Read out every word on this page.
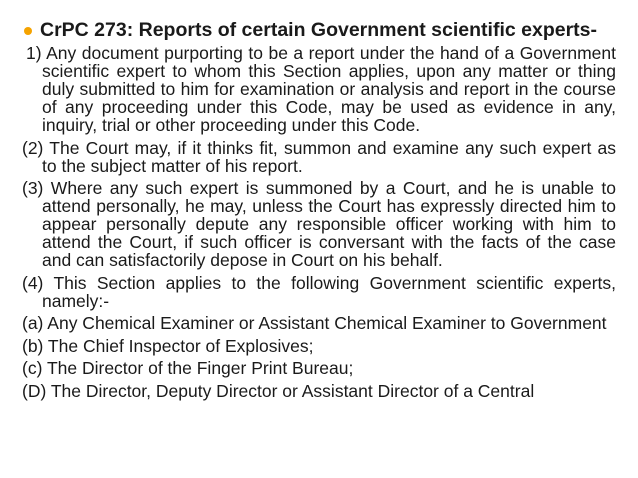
CrPC 273: Reports of certain Government scientific experts-

1) Any document purporting to be a report under the hand of a Government scientific expert to whom this Section applies, upon any matter or thing duly submitted to him for examination or analysis and report in the course of any proceeding under this Code, may be used as evidence in any, inquiry, trial or other proceeding under this Code.

(2) The Court may, if it thinks fit, summon and examine any such expert as to the subject matter of his report.

(3) Where any such expert is summoned by a Court, and he is unable to attend personally, he may, unless the Court has expressly directed him to appear personally depute any responsible officer working with him to attend the Court, if such officer is conversant with the facts of the case and can satisfactorily depose in Court on his behalf.

(4) This Section applies to the following Government scientific experts, namely:-

(a) Any Chemical Examiner or Assistant Chemical Examiner to Government

(b) The Chief Inspector of Explosives;

(c) The Director of the Finger Print Bureau;

(D) The Director, Deputy Director or Assistant Director of a Central
